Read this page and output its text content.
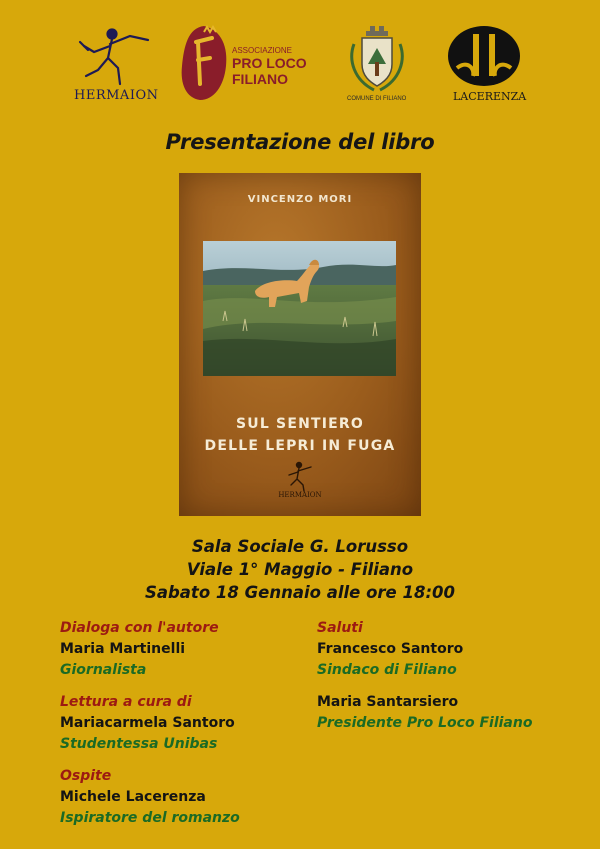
HERMAION
ASSOCIAZIONE
PRO LOCO
FILIANO
COMUNE DI FILIANO	LACERENZA
Presentazione del libro
VINCENZO MORI
SUL SENTIERO
DELLE LEPRI IN FUGA
HERMAION
Sala Sociale G. Lorusso
Viale 1° Maggio - Filiano
Sabato 18 Gennaio alle ore 18:00
Dialoga con l'autore
Maria Martinelli
Giornalista
Lettura a cura di
Mariacarmela Santoro
Studentessa Unibas
Ospite
Michele Lacerenza
Ispiratore del romanzo
Saluti
Francesco Santoro
Sindaco di Filiano
Maria Santarsiero
Presidente Pro Loco Filiano
